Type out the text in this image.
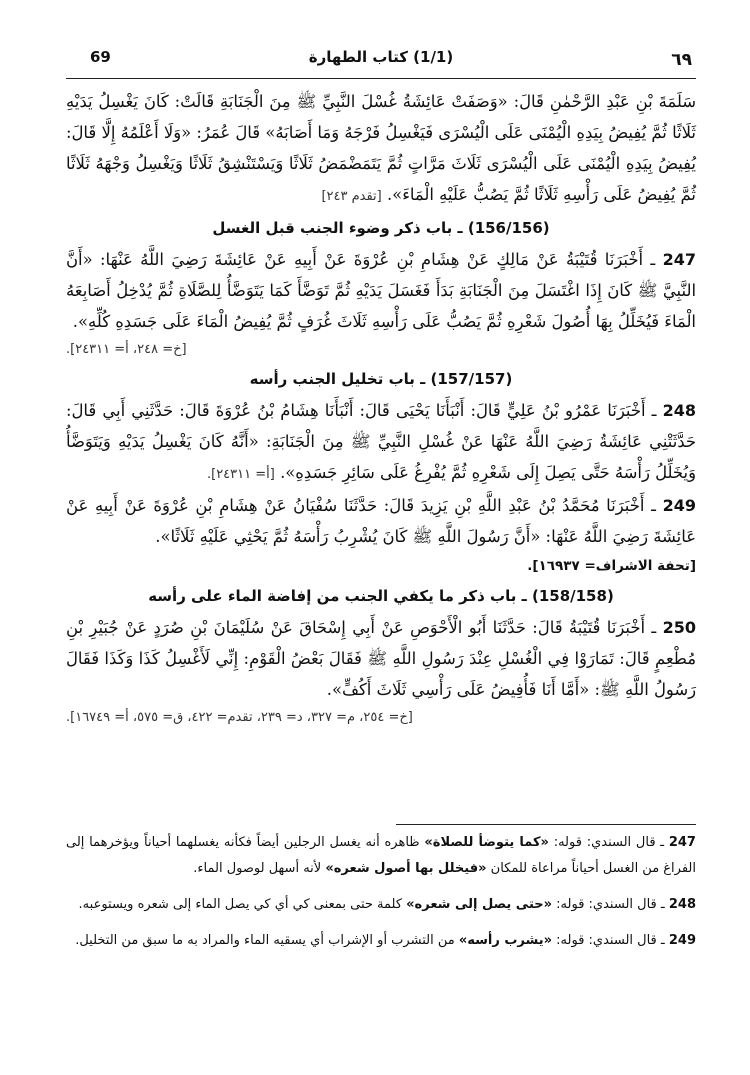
69	(1/1) كتاب الطهارة	٦٩

سَلَمَةَ بْنِ عَبْدِ الرَّحْمٰنِ قَالَ: «وَصَفَتْ عَائِشَةُ غُسْلَ النَّبِيِّ ﷺ مِنَ الْجَنَابَةِ قَالَتْ: كَانَ يَغْسِلُ يَدَيْهِ ثَلَاثًا ثُمَّ يُفِيضُ بِيَدِهِ الْيُمْنَى عَلَى الْيُسْرَى فَيَغْسِلُ فَرْجَهُ وَمَا أَصَابَهُ» قَالَ عُمَرُ: «وَلَا أَعْلَمُهُ إِلَّا قَالَ: يُفِيضُ بِيَدِهِ الْيُمْنَى عَلَى الْيُسْرَى ثَلَاثَ مَرَّاتٍ ثُمَّ يَتَمَضْمَضُ ثَلَاثًا وَيَسْتَنْشِقُ ثَلَاثًا وَيَغْسِلُ وَجْهَهُ ثَلَاثًا ثُمَّ يُفِيضُ عَلَى رَأْسِهِ ثَلَاثًا ثُمَّ يَصُبُّ عَلَيْهِ الْمَاءَ». [تقدم ٢٤٣]

(156/156) ـ باب ذكر وضوء الجنب قبل الغسل

247 ـ أَخْبَرَنَا قُتَيْبَةُ عَنْ مَالِكٍ عَنْ هِشَامِ بْنِ عُرْوَةَ عَنْ أَبِيهِ عَنْ عَائِشَةَ رَضِيَ اللَّهُ عَنْهَا: «أَنَّ النَّبِيَّ ﷺ كَانَ إِذَا اغْتَسَلَ مِنَ الْجَنَابَةِ بَدَأَ فَغَسَلَ يَدَيْهِ ثُمَّ تَوَضَّأَ كَمَا يَتَوَضَّأُ لِلصَّلَاةِ ثُمَّ يُدْخِلُ أَصَابِعَهُ الْمَاءَ فَيُخَلِّلُ بِهَا أُصُولَ شَعْرِهِ ثُمَّ يَصُبُّ عَلَى رَأْسِهِ ثَلَاثَ غُرَفٍ ثُمَّ يُفِيضُ الْمَاءَ عَلَى جَسَدِهِ كُلِّهِ».

[خ= ٢٤٨، أ= ٢٤٣١١].

(157/157) ـ باب تخليل الجنب رأسه

248 ـ أَخْبَرَنَا عَمْرُو بْنُ عَلِيٍّ قَالَ: أَنْبَأَنَا يَحْيَى قَالَ: أَنْبَأَنَا هِشَامُ بْنُ عُرْوَةَ قَالَ: حَدَّثَنِي أَبِي قَالَ: حَدَّثَتْنِي عَائِشَةُ رَضِيَ اللَّهُ عَنْهَا عَنْ غُسْلِ النَّبِيِّ ﷺ مِنَ الْجَنَابَةِ: «أَنَّهُ كَانَ يَغْسِلُ يَدَيْهِ وَيَتَوَضَّأُ وَيُخَلِّلُ رَأْسَهُ حَتَّى يَصِلَ إِلَى شَعْرِهِ ثُمَّ يُفْرِغُ عَلَى سَائِرِ جَسَدِهِ». [أ= ٢٤٣١١].

249 ـ أَخْبَرَنَا مُحَمَّدُ بْنُ عَبْدِ اللَّهِ بْنِ يَزِيدَ قَالَ: حَدَّثَنَا سُفْيَانُ عَنْ هِشَامِ بْنِ عُرْوَةَ عَنْ أَبِيهِ عَنْ عَائِشَةَ رَضِيَ اللَّهُ عَنْهَا: «أَنَّ رَسُولَ اللَّهِ ﷺ كَانَ يُشْرِبُ رَأْسَهُ ثُمَّ يَحْثِي عَلَيْهِ ثَلَاثًا».

[تحفة الاشراف= ١٦٩٣٧].

(158/158) ـ باب ذكر ما يكفي الجنب من إفاضة الماء على رأسه

250 ـ أَخْبَرَنَا قُتَيْبَةُ قَالَ: حَدَّثَنَا أَبُو الْأَحْوَصِ عَنْ أَبِي إِسْحَاقَ عَنْ سُلَيْمَانَ بْنِ صُرَدٍ عَنْ جُبَيْرِ بْنِ مُطْعِمٍ قَالَ: تَمَارَوْا فِي الْغُسْلِ عِنْدَ رَسُولِ اللَّهِ ﷺ فَقَالَ بَعْضُ الْقَوْمِ: إِنِّي لَأَغْسِلُ كَذَا وَكَذَا فَقَالَ رَسُولُ اللَّهِ ﷺ: «أَمَّا أَنَا فَأُفِيضُ عَلَى رَأْسِي ثَلَاثَ أَكُفٍّ».

[خ= ٢٥٤، م= ٣٢٧، د= ٢٣٩، تقدم= ٤٢٢، ق= ٥٧٥، أ= ١٦٧٤٩].

247 ـ قال السندي: قوله: «كما يتوضأ للصلاة» ظاهره أنه يغسل الرجلين أيضاً فكأنه يغسلهما أحياناً ويؤخرهما إلى الفراغ من الغسل أحياناً مراعاة للمكان «فيخلل بها أصول شعره» لأنه أسهل لوصول الماء.

248 ـ قال السندي: قوله: «حتى يصل إلى شعره» كلمة حتى بمعنى كي أي كي يصل الماء إلى شعره ويستوعبه.

249 ـ قال السندي: قوله: «يشرب رأسه» من التشرب أو الإشراب أي يسقيه الماء والمراد به ما سبق من التخليل.
